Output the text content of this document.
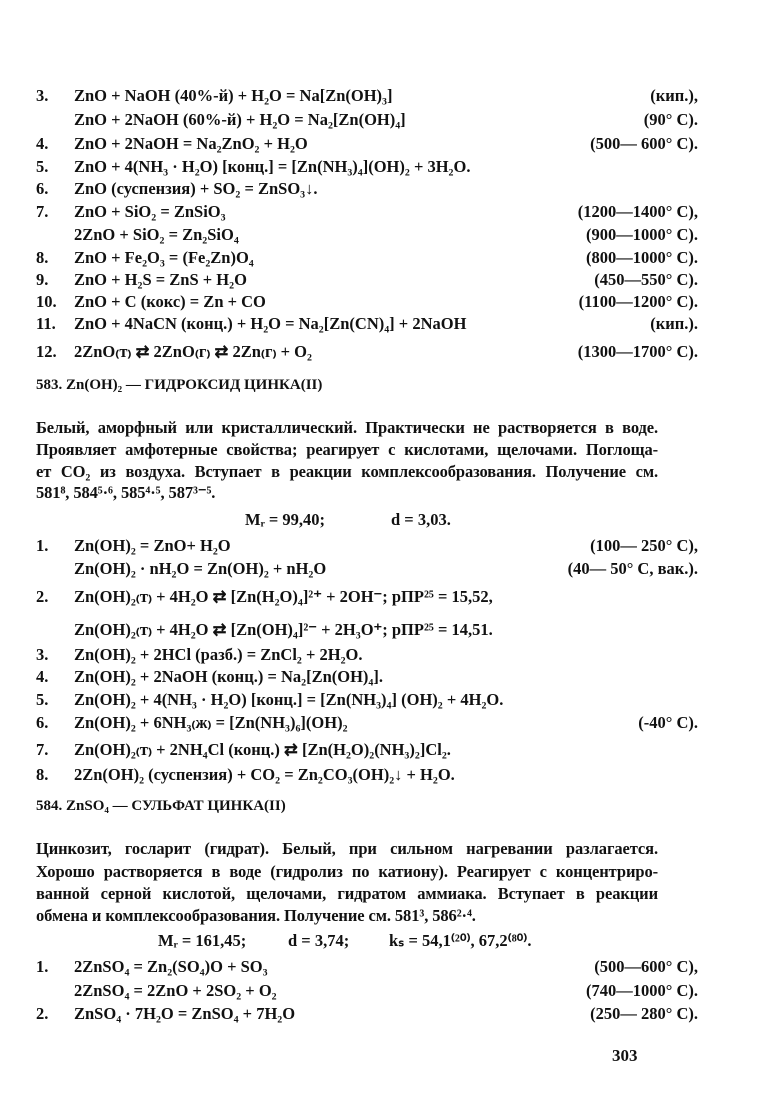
3. ZnO + NaOH (40%-й) + H₂O = Na[Zn(OH)₃]	(кип.),
ZnO + 2NaOH (60%-й) + H₂O = Na₂[Zn(OH)₄]	(90° C).
4. ZnO + 2NaOH = Na₂ZnO₂ + H₂O	(500— 600° C).
5. ZnO + 4(NH₃ · H₂O) [конц.] = [Zn(NH₃)₄](OH)₂ + 3H₂O.
6. ZnO (суспензия) + SO₂ = ZnSO₃↓.
7. ZnO + SiO₂ = ZnSiO₃	(1200—1400° C),
2ZnO + SiO₂ = Zn₂SiO₄	(900—1000° C).
8. ZnO + Fe₂O₃ = (Fe₂Zn)O₄	(800—1000° C).
9. ZnO + H₂S = ZnS + H₂O	(450—550° C).
10. ZnO + C (кокс) = Zn + CO	(1100—1200° C).
11. ZnO + 4NaCN (конц.) + H₂O = Na₂[Zn(CN)₄] + 2NaOH	(кип.).
12. 2ZnO₍т₎ ⇄ 2ZnO₍г₎ ⇄ 2Zn₍г₎ + O₂	(1300—1700° C).
583. Zn(OH)₂ — ГИДРОКСИД ЦИНКА(II)
Белый, аморфный или кристаллический. Практически не растворяется в воде.
Проявляет амфотерные свойства; реагирует с кислотами, щелочами. Поглоща-
ет CO₂ из воздуха. Вступает в реакции комплексообразования. Получение см.
581⁸, 584⁵·⁶, 585⁴·⁵, 587³⁻⁵.
Mᵣ = 99,40;	d = 3,03.
1. Zn(OH)₂ = ZnO+ H₂O	(100— 250° C),
Zn(OH)₂ · nH₂O = Zn(OH)₂ + nH₂O	(40— 50° C, вак.).
2. Zn(OH)₂₍т₎ + 4H₂O ⇄ [Zn(H₂O)₄]²⁺ + 2OH⁻; pПР²⁵ = 15,52,
Zn(OH)₂₍т₎ + 4H₂O ⇄ [Zn(OH)₄]²⁻ + 2H₃O⁺; pПР²⁵ = 14,51.
3. Zn(OH)₂ + 2HCl (разб.) = ZnCl₂ + 2H₂O.
4. Zn(OH)₂ + 2NaOH (конц.) = Na₂[Zn(OH)₄].
5. Zn(OH)₂ + 4(NH₃ · H₂O) [конц.] = [Zn(NH₃)₄] (OH)₂ + 4H₂O.
6. Zn(OH)₂ + 6NH₃₍ж₎ = [Zn(NH₃)₆](OH)₂	(-40° C).
7. Zn(OH)₂₍т₎ + 2NH₄Cl (конц.) ⇄ [Zn(H₂O)₂(NH₃)₂]Cl₂.
8. 2Zn(OH)₂ (суспензия) + CO₂ = Zn₂CO₃(OH)₂↓ + H₂O.
584. ZnSO₄ — СУЛЬФАТ ЦИНКА(II)
Цинкозит, госларит (гидрат). Белый, при сильном нагревании разлагается.
Хорошо растворяется в воде (гидролиз по катиону). Реагирует с концентриро-
ванной серной кислотой, щелочами, гидратом аммиака. Вступает в реакции
обмена и комплексообразования. Получение см. 581³, 586²·⁴.
Mᵣ = 161,45;	d = 3,74; kₛ = 54,1⁽²⁰⁾, 67,2⁽⁸⁰⁾.
1. 2ZnSO₄ = Zn₂(SO₄)O + SO₃	(500—600° C),
2ZnSO₄ = 2ZnO + 2SO₂ + O₂	(740—1000° C).
2. ZnSO₄ · 7H₂O = ZnSO₄ + 7H₂O	(250— 280° C).
303
